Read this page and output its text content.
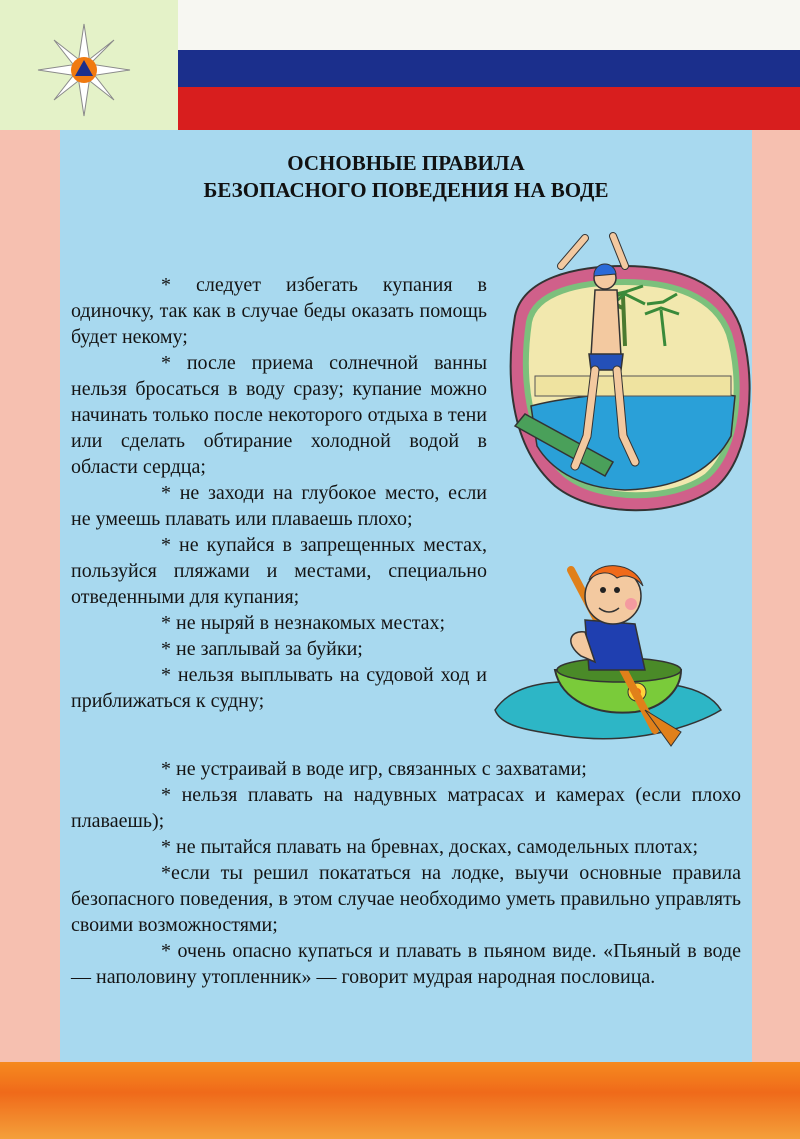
ОСНОВНЫЕ ПРАВИЛА
БЕЗОПАСНОГО ПОВЕДЕНИЯ НА ВОДЕ

* следует избегать купания в одиночку, так как в случае беды оказать помощь будет некому;

* после приема солнечной ванны нельзя бросаться в воду сразу; купание можно начинать только после некоторого отдыха в тени или сделать обтирание холодной водой в области сердца;

* не заходи на глубокое место, если не умеешь плавать или плаваешь плохо;

* не купайся в запрещенных местах, пользуйся пляжами и местами, специально отведенными для купания;

* не ныряй в незнакомых местах;

* не заплывай за буйки;

* нельзя выплывать на судовой ход и приближаться к судну;

* не устраивай в воде игр, связанных с захватами;

* нельзя плавать на надувных матрасах и камерах (если плохо плаваешь);

* не пытайся плавать на бревнах, досках, самодельных плотах;

*если ты решил покататься на лодке, выучи основные правила безопасного поведения, в этом случае необходимо уметь правильно управлять своими возможностями;

* очень опасно купаться и плавать в пьяном виде. «Пьяный в воде — наполовину утопленник» — говорит мудрая народная пословица.
